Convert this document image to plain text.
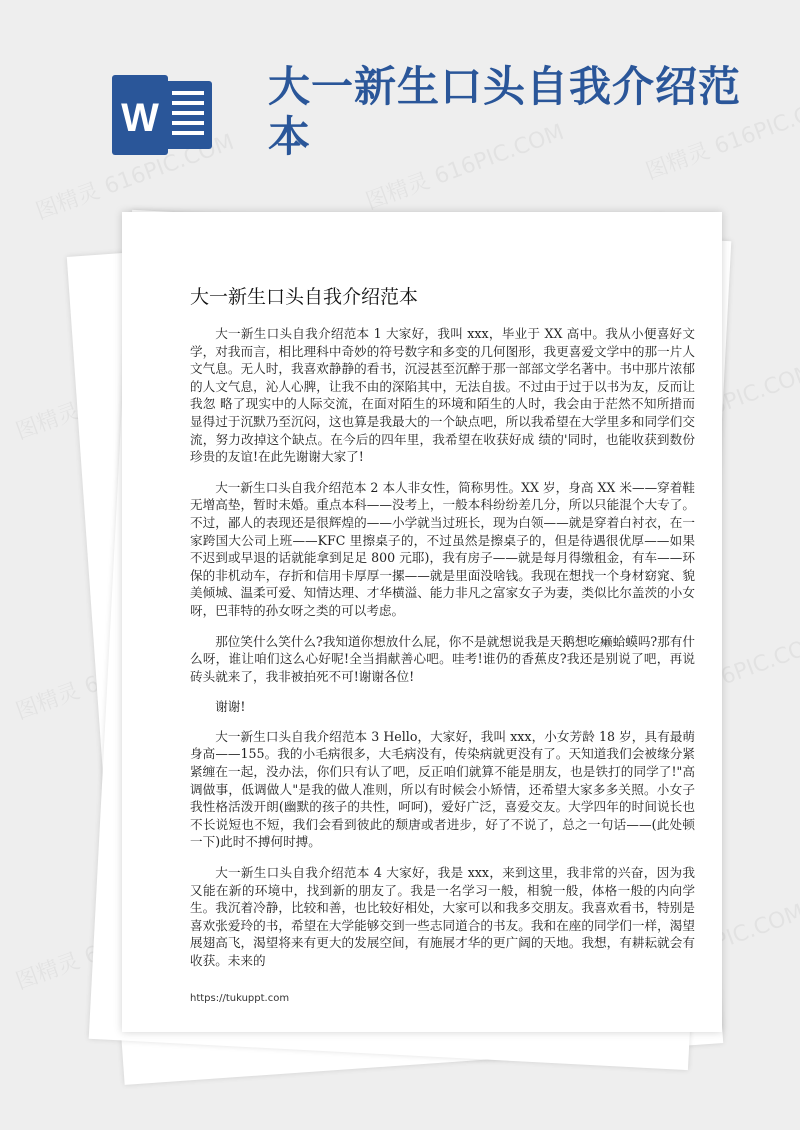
W
大一新生口头自我介绍范本
大一新生口头自我介绍范本

大一新生口头自我介绍范本 1 大家好，我叫 xxx，毕业于 XX 高中。我从小便喜好文学，对我而言，相比理科中奇妙的符号数字和多变的几何图形，我更喜爱文学中的那一片人文气息。无人时，我喜欢静静的看书，沉浸甚至沉醉于那一部部文学名著中。书中那片浓郁的人文气息，沁人心脾，让我不由的深陷其中，无法自拔。不过由于过于以书为友，反而让我忽 略了现实中的人际交流，在面对陌生的环境和陌生的人时，我会由于茫然不知所措而显得过于沉默乃至沉闷，这也算是我最大的一个缺点吧，所以我希望在大学里多和同学们交流，努力改掉这个缺点。在今后的四年里，我希望在收获好成 绩的'同时，也能收获到数份珍贵的友谊!在此先谢谢大家了!

大一新生口头自我介绍范本 2 本人非女性，简称男性。XX 岁，身高 XX 米——穿着鞋无增高垫，暂时未婚。重点本科——没考上，一般本科纷纷差几分，所以只能混个大专了。不过，鄙人的表现还是很辉煌的——小学就当过班长，现为白领——就是穿着白衬衣，在一家跨国大公司上班——KFC 里擦桌子的，不过虽然是擦桌子的，但是待遇很优厚——如果不迟到或早退的话就能拿到足足 800 元耶)，我有房子——就是每月得缴租金，有车——环保的非机动车，存折和信用卡厚厚一摞——就是里面没啥钱。我现在想找一个身材窈窕、貌美倾城、温柔可爱、知情达理、才华横溢、能力非凡之富家女子为妻，类似比尔盖茨的小女呀，巴菲特的孙女呀之类的可以考虑。

那位笑什么笑什么?我知道你想放什么屁，你不是就想说我是天鹅想吃癞蛤蟆吗?那有什么呀，谁让咱们这么心好呢!全当捐献善心吧。哇考!谁仍的香蕉皮?我还是别说了吧，再说砖头就来了，我非被拍死不可!谢谢各位!

谢谢!

大一新生口头自我介绍范本 3 Hello，大家好，我叫 xxx，小女芳龄 18 岁，具有最萌身高——155。我的小毛病很多，大毛病没有，传染病就更没有了。天知道我们会被缘分紧紧缠在一起，没办法，你们只有认了吧，反正咱们就算不能是朋友，也是铁打的同学了!"高调做事，低调做人"是我的做人准则，所以有时候会小矫情，还希望大家多多关照。小女子我性格活泼开朗(幽默的孩子的共性，呵呵)，爱好广泛，喜爱交友。大学四年的时间说长也不长说短也不短，我们会看到彼此的颓唐或者进步，好了不说了，总之一句话——(此处顿一下)此时不搏何时搏。

大一新生口头自我介绍范本 4 大家好，我是 xxx，来到这里，我非常的兴奋，因为我又能在新的环境中，找到新的朋友了。我是一名学习一般，相貌一般，体格一般的内向学生。我沉着冷静，比较和善，也比较好相处，大家可以和我多交朋友。我喜欢看书，特别是喜欢张爱玲的书，希望在大学能够交到一些志同道合的书友。我和在座的同学们一样，渴望展翅高飞，渴望将来有更大的发展空间，有施展才华的更广阔的天地。我想，有耕耘就会有收获。未来的

https://tukuppt.com
